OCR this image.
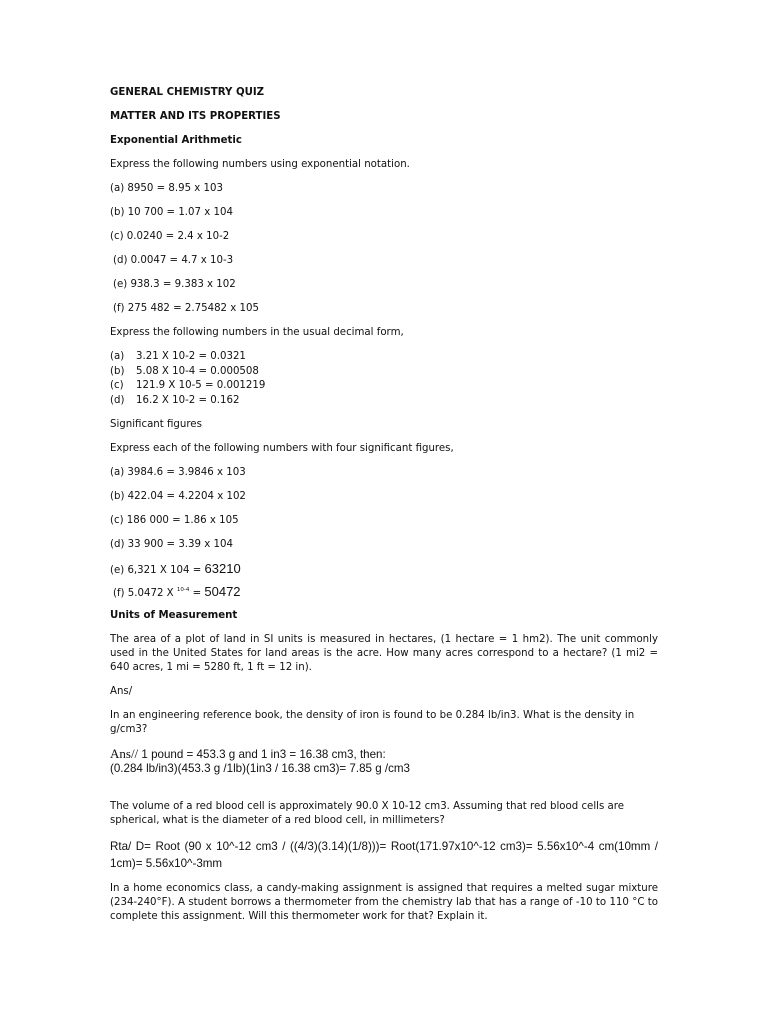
GENERAL CHEMISTRY QUIZ

MATTER AND ITS PROPERTIES

Exponential Arithmetic

Express the following numbers using exponential notation.

(a) 8950 = 8.95 x 103

(b) 10 700 = 1.07 x 104

(c) 0.0240 = 2.4 x 10-2

(d) 0.0047 = 4.7 x 10-3

(e) 938.3 = 9.383 x 102

(f) 275 482 = 2.75482 x 105

Express the following numbers in the usual decimal form,

(a)	3.21 X 10-2 = 0.0321
(b)	5.08 X 10-4 = 0.000508
(c)	121.9 X 10-5 = 0.001219
(d)	16.2 X 10-2 = 0.162

Significant figures

Express each of the following numbers with four significant figures,

(a) 3984.6 = 3.9846 x 103

(b) 422.04 = 4.2204 x 102

(c) 186 000 = 1.86 x 105

(d) 33 900 = 3.39 x 104

(e) 6,321 X 104 = 63210

(f) 5.0472 X $^{10-4}$ = 50472

Units of Measurement

The area of a plot of land in SI units is measured in hectares, (1 hectare = 1 hm2). The unit commonly used in the United States for land areas is the acre. How many acres correspond to a hectare? (1 mi2 = 640 acres, 1 mi = 5280 ft, 1 ft = 12 in).

Ans/

In an engineering reference book, the density of iron is found to be 0.284 lb/in3. What is the density in g/cm3?

Ans// 1 pound = 453.3 g and 1 in3 = 16.38 cm3, then:
(0.284 lb/in3)(453.3 g /1lb)(1in3 / 16.38 cm3)= 7.85 g /cm3

The volume of a red blood cell is approximately 90.0 X 10-12 cm3. Assuming that red blood cells are spherical, what is the diameter of a red blood cell, in millimeters?

Rta/ D= Root (90 x 10^-12 cm3 / ((4/3)(3.14)(1/8)))= Root(171.97x10^-12 cm3)= 5.56x10^-4 cm(10mm / 1cm)= 5.56x10^-3mm

In a home economics class, a candy-making assignment is assigned that requires a melted sugar mixture (234-240°F). A student borrows a thermometer from the chemistry lab that has a range of -10 to 110 °C to complete this assignment. Will this thermometer work for that? Explain it.
